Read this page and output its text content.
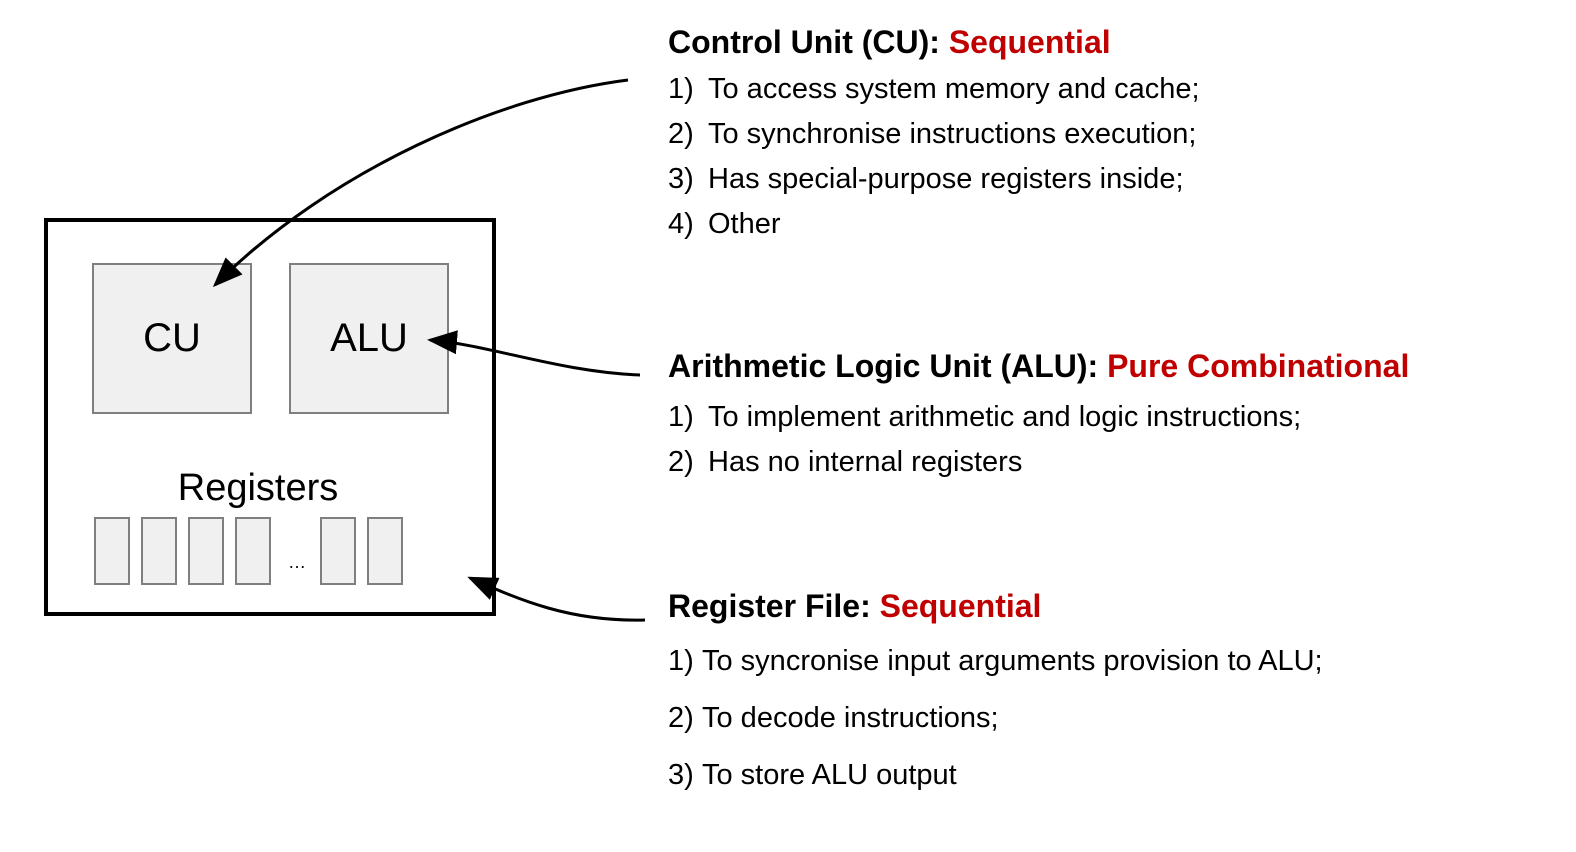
CU	ALU
Registers
…
Control Unit (CU): Sequential
1) To access system memory and cache;
2) To synchronise instructions execution;
3) Has special-purpose registers inside;
4) Other
Arithmetic Logic Unit (ALU): Pure Combinational
1) To implement arithmetic and logic instructions;
2) Has no internal registers
Register File: Sequential
1) To syncronise input arguments provision to ALU;
2) To decode instructions;
3) To store ALU output
